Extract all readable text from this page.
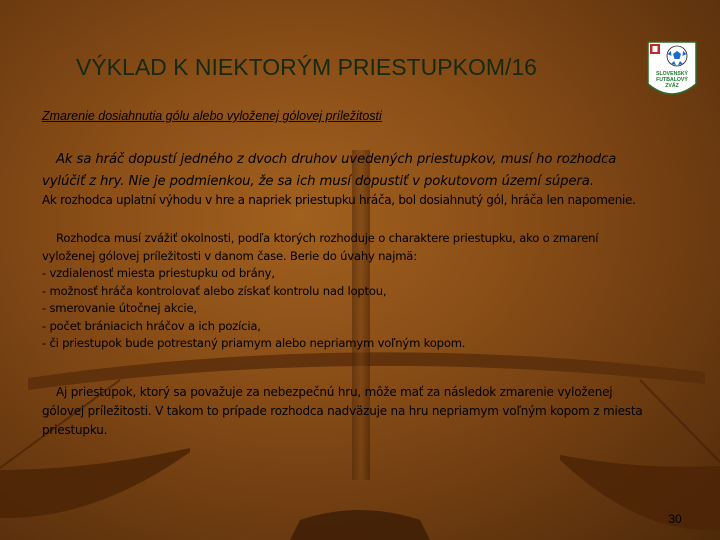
VÝKLAD K NIEKTORÝM PRIESTUPKOM/16	SLOVENSKÝ
FUTBALOVÝ
ZVÄZ
Zmarenie dosiahnutia gólu alebo vyloženej gólovej príležitosti

Ak sa hráč dopustí jedného z dvoch druhov uvedených priestupkov, musí ho rozhodca
vylúčiť z hry. Nie je podmienkou, že sa ich musí dopustiť v pokutovom území súpera.

Ak rozhodca uplatní výhodu v hre a napriek priestupku hráča, bol dosiahnutý gól, hráča len napomenie.

Rozhodca musí zvážiť okolnosti, podľa ktorých rozhoduje o charaktere priestupku, ako o zmarení
vyloženej gólovej príležitosti v danom čase. Berie do úvahy najmä:
- vzdialenosť miesta priestupku od brány,
- možnosť hráča kontrolovať alebo získať kontrolu nad loptou,
- smerovanie útočnej akcie,
- počet brániacich hráčov a ich pozícia,
- či priestupok bude potrestaný priamym alebo nepriamym voľným kopom.

Aj priestupok, ktorý sa považuje za nebezpečnú hru, môže mať za následok zmarenie vyloženej
gólovej príležitosti. V takom to prípade rozhodca nadväzuje na hru nepriamym voľným kopom z miesta
priestupku.

30
